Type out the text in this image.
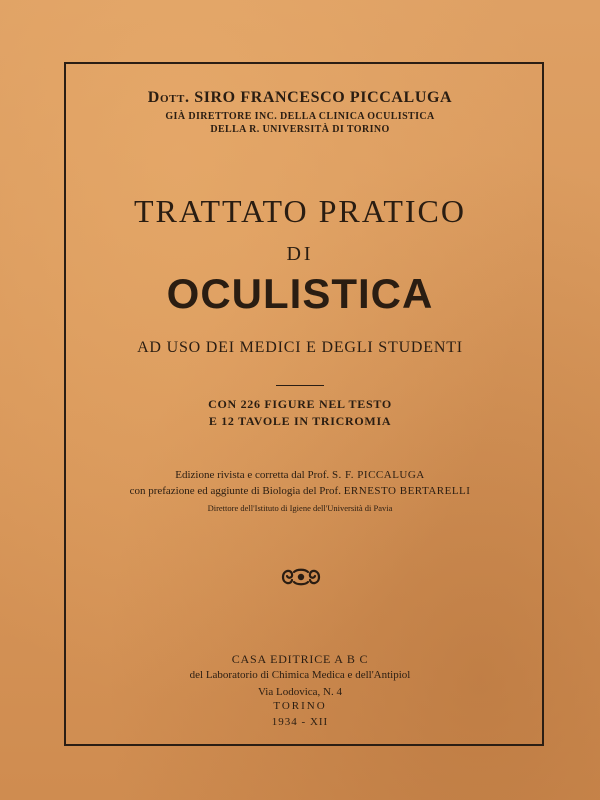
Dott. SIRO FRANCESCO PICCALUGA
GIÀ DIRETTORE INC. DELLA CLINICA OCULISTICA
DELLA R. UNIVERSITÀ DI TORINO
TRATTATO PRATICO
DI
OCULISTICA
AD USO DEI MEDICI E DEGLI STUDENTI
CON 226 FIGURE NEL TESTO
E 12 TAVOLE IN TRICROMIA
Edizione rivista e corretta dal Prof. S. F. PICCALUGA
con prefazione ed aggiunte di Biologia del Prof. ERNESTO BERTARELLI
Direttore dell'Istituto di Igiene dell'Università di Pavia
CASA EDITRICE A B C
del Laboratorio di Chimica Medica e dell'Antipiol
Via Lodovica, N. 4
TORINO
1934 - XII
